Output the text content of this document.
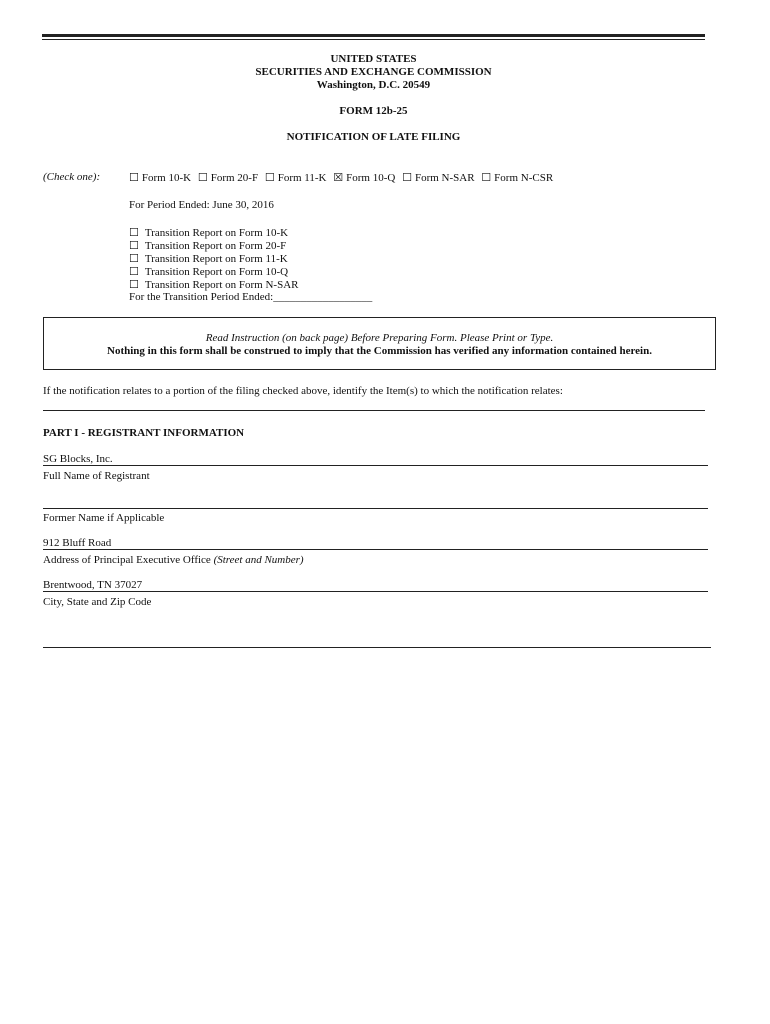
UNITED STATES
SECURITIES AND EXCHANGE COMMISSION
Washington, D.C. 20549
FORM 12b-25
NOTIFICATION OF LATE FILING
(Check one):	☐ Form 10-K ☐ Form 20-F ☐ Form 11-K ☒ Form 10-Q ☐ Form N-SAR ☐ Form N-CSR
For Period Ended: June 30, 2016
☐ Transition Report on Form 10-K
☐ Transition Report on Form 20-F
☐ Transition Report on Form 11-K
☐ Transition Report on Form 10-Q
☐ Transition Report on Form N-SAR
For the Transition Period Ended:__________________
Read Instruction (on back page) Before Preparing Form. Please Print or Type.
Nothing in this form shall be construed to imply that the Commission has verified any information contained herein.
If the notification relates to a portion of the filing checked above, identify the Item(s) to which the notification relates:
PART I - REGISTRANT INFORMATION
SG Blocks, Inc.
Full Name of Registrant
Former Name if Applicable
912 Bluff Road
Address of Principal Executive Office (Street and Number)
Brentwood, TN 37027
City, State and Zip Code
